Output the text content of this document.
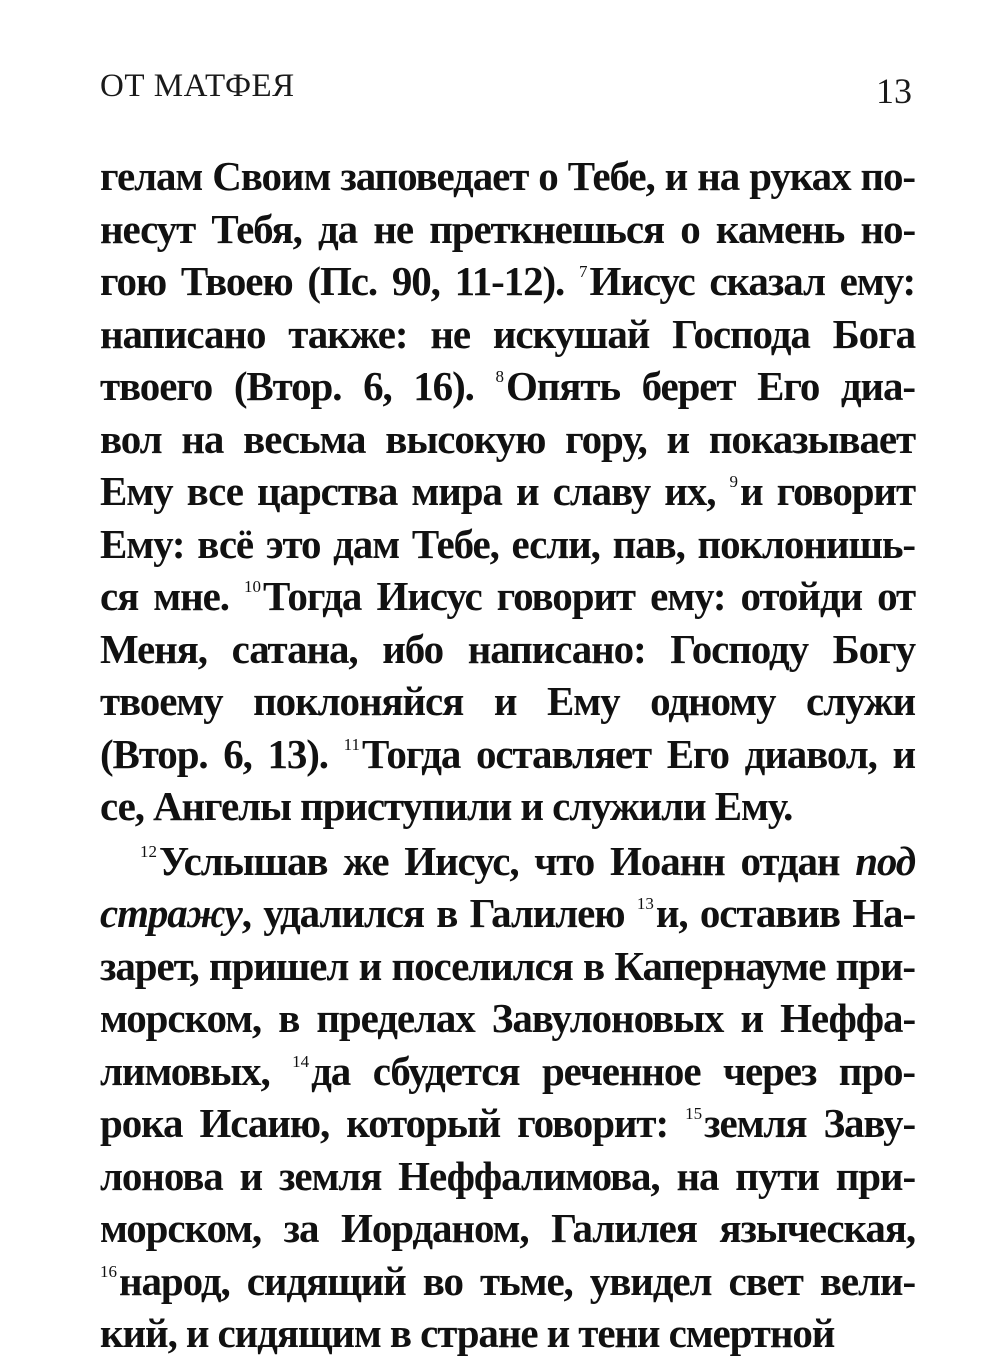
ОТ МАТФЕЯ	13
гелам Своим заповедает о Тебе, и на руках по-
несут Тебя, да не преткнешься о камень но-
гою Твоею (Пс. 90, 11-12). $^7$Иисус сказал ему:
написано также: не искушай Господа Бога
твоего (Втор. 6, 16). $^8$Опять берет Его диа-
вол на весьма высокую гору, и показывает
Ему все царства мира и славу их, $^9$и говорит
Ему: всё это дам Тебе, если, пав, поклонишь-
ся мне. $^{10}$Тогда Иисус говорит ему: отойди от
Меня, сатана, ибо написано: Господу Богу
твоему поклоняйся и Ему одному служи
(Втор. 6, 13). $^{11}$Тогда оставляет Его диавол, и
се, Ангелы приступили и служили Ему.
$^{12}$Услышав же Иисус, что Иоанн отдан под
стражу, удалился в Галилею $^{13}$и, оставив На-
зарет, пришел и поселился в Капернауме при-
морском, в пределах Завулоновых и Неффа-
лимовых, $^{14}$да сбудется реченное через про-
рока Исаию, который говорит: $^{15}$земля Заву-
лонова и земля Неффалимова, на пути при-
морском, за Иорданом, Галилея языческая,
$^{16}$народ, сидящий во тьме, увидел свет вели-
кий, и сидящим в стране и тени смертной
